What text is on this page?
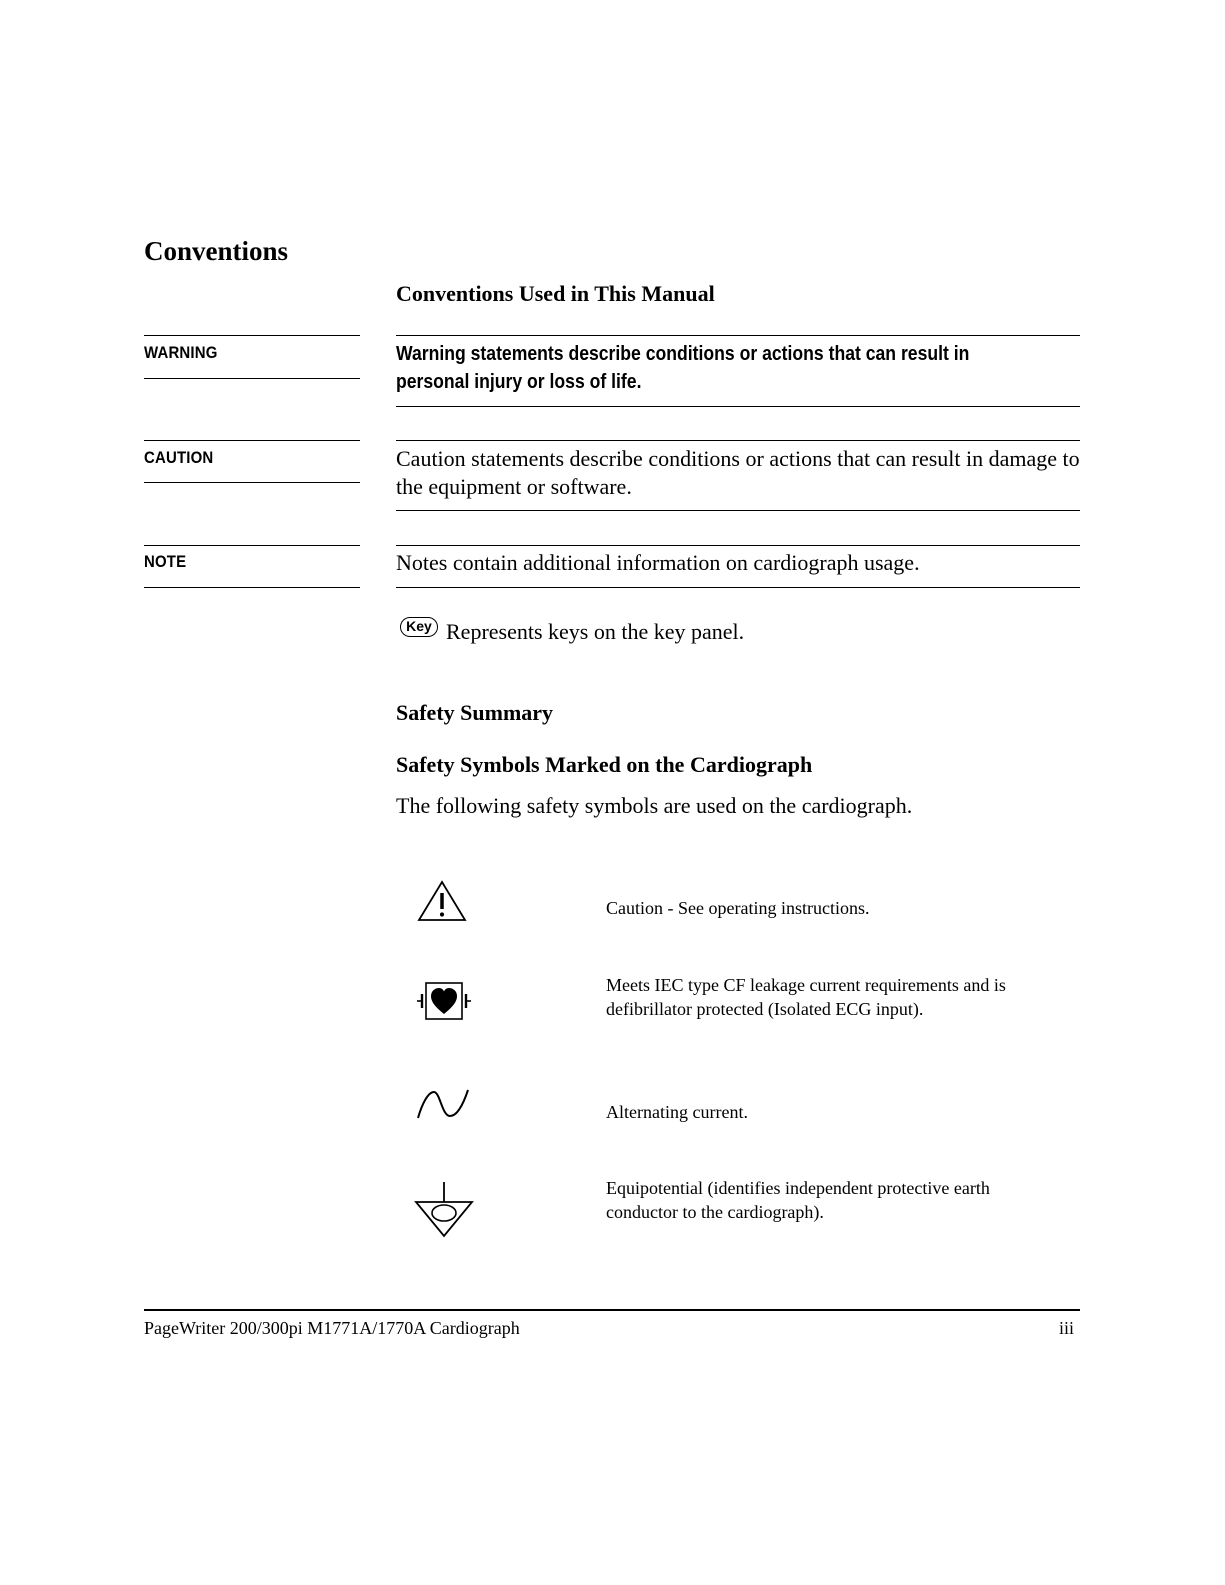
Conventions
Conventions Used in This Manual
WARNING	Warning statements describe conditions or actions that can result in personal injury or loss of life.
CAUTION	Caution statements describe conditions or actions that can result in damage to the equipment or software.
NOTE	Notes contain additional information on cardiograph usage.
Key Represents keys on the key panel.
Safety Summary
Safety Symbols Marked on the Cardiograph
The following safety symbols are used on the cardiograph.
Caution - See operating instructions.
Meets IEC type CF leakage current requirements and is defibrillator protected (Isolated ECG input).
Alternating current.
Equipotential (identifies independent protective earth conductor to the cardiograph).
PageWriter 200/300pi M1771A/1770A Cardiograph	iii
